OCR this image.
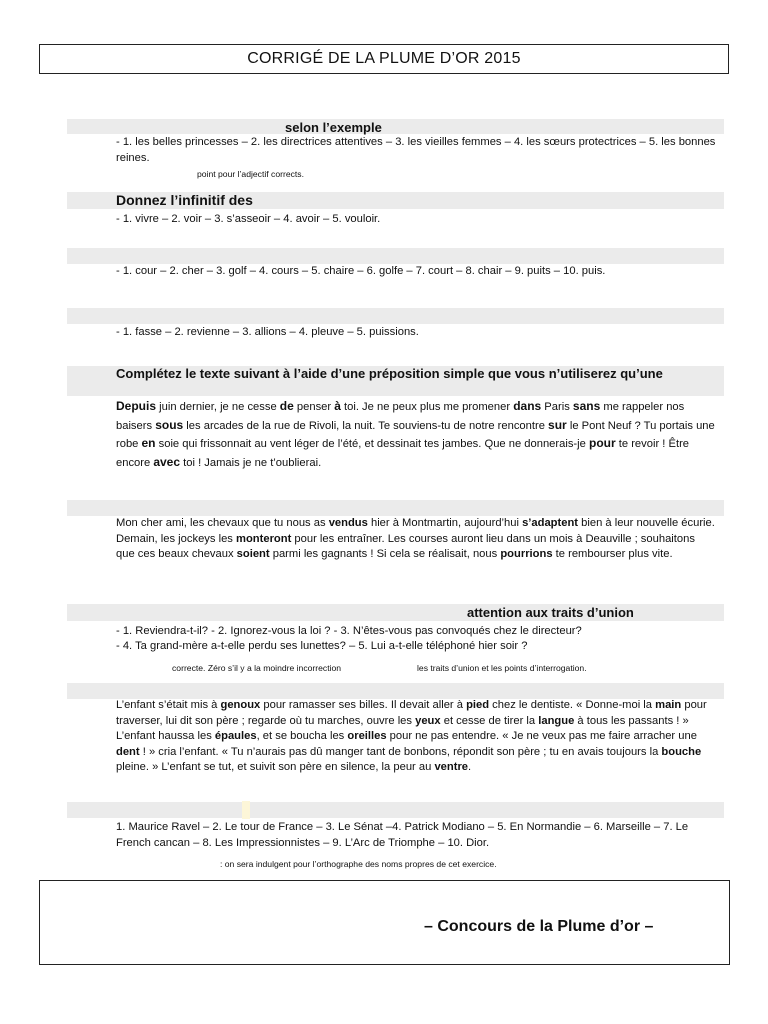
CORRIGÉ DE LA PLUME D’OR 2015
selon l’exemple
- 1. les belles princesses – 2. les directrices attentives – 3. les vieilles femmes – 4. les sœurs protectrices – 5. les bonnes reines.
point pour l’adjectif corrects.
Donnez l’infinitif des
- 1. vivre – 2. voir – 3. s’asseoir – 4. avoir – 5. vouloir.
- 1. cour – 2. cher – 3. golf – 4. cours – 5. chaire – 6. golfe – 7. court – 8. chair – 9. puits – 10. puis.
- 1. fasse – 2. revienne – 3. allions – 4. pleuve – 5. puissions.
Complétez le texte suivant à l’aide d’une préposition simple que vous n’utiliserez qu’une
Depuis juin dernier, je ne cesse de penser à toi. Je ne peux plus me promener dans Paris sans me rappeler nos baisers sous les arcades de la rue de Rivoli, la nuit. Te souviens-tu de notre rencontre sur le Pont Neuf ? Tu portais une robe en soie qui frissonnait au vent léger de l’été, et dessinait tes jambes. Que ne donnerais-je pour te revoir ! Être encore avec toi ! Jamais je ne t’oublierai.
Mon cher ami, les chevaux que tu nous as vendus hier à Montmartin, aujourd’hui s’adaptent bien à leur nouvelle écurie. Demain, les jockeys les monteront pour les entraîner. Les courses auront lieu dans un mois à Deauville ; souhaitons que ces beaux chevaux soient parmi les gagnants ! Si cela se réalisait, nous pourrions te rembourser plus vite.
attention aux traits d’union
- 1. Reviendra-t-il? - 2. Ignorez-vous la loi ? - 3. N’êtes-vous pas convoqués chez le directeur?
- 4. Ta grand-mère a-t-elle perdu ses lunettes? – 5. Lui a-t-elle téléphoné hier soir ?
correcte. Zéro s’il y a la moindre incorrection	les traits d’union et les points d’interrogation.
L’enfant s’était mis à genoux pour ramasser ses billes. Il devait aller à pied chez le dentiste. « Donne-moi la main pour traverser, lui dit son père ; regarde où tu marches, ouvre les yeux et cesse de tirer la langue à tous les passants ! » L’enfant haussa les épaules, et se boucha les oreilles pour ne pas entendre. « Je ne veux pas me faire arracher une dent ! » cria l’enfant. « Tu n’aurais pas dû manger tant de bonbons, répondit son père ; tu en avais toujours la bouche pleine. » L’enfant se tut, et suivit son père en silence, la peur au ventre.
1. Maurice Ravel – 2. Le tour de France – 3. Le Sénat –4. Patrick Modiano – 5. En Normandie – 6. Marseille – 7. Le French cancan – 8. Les Impressionnistes – 9. L’Arc de Triomphe – 10. Dior.
: on sera indulgent pour l’orthographe des noms propres de cet exercice.
– Concours de la Plume d’or –
